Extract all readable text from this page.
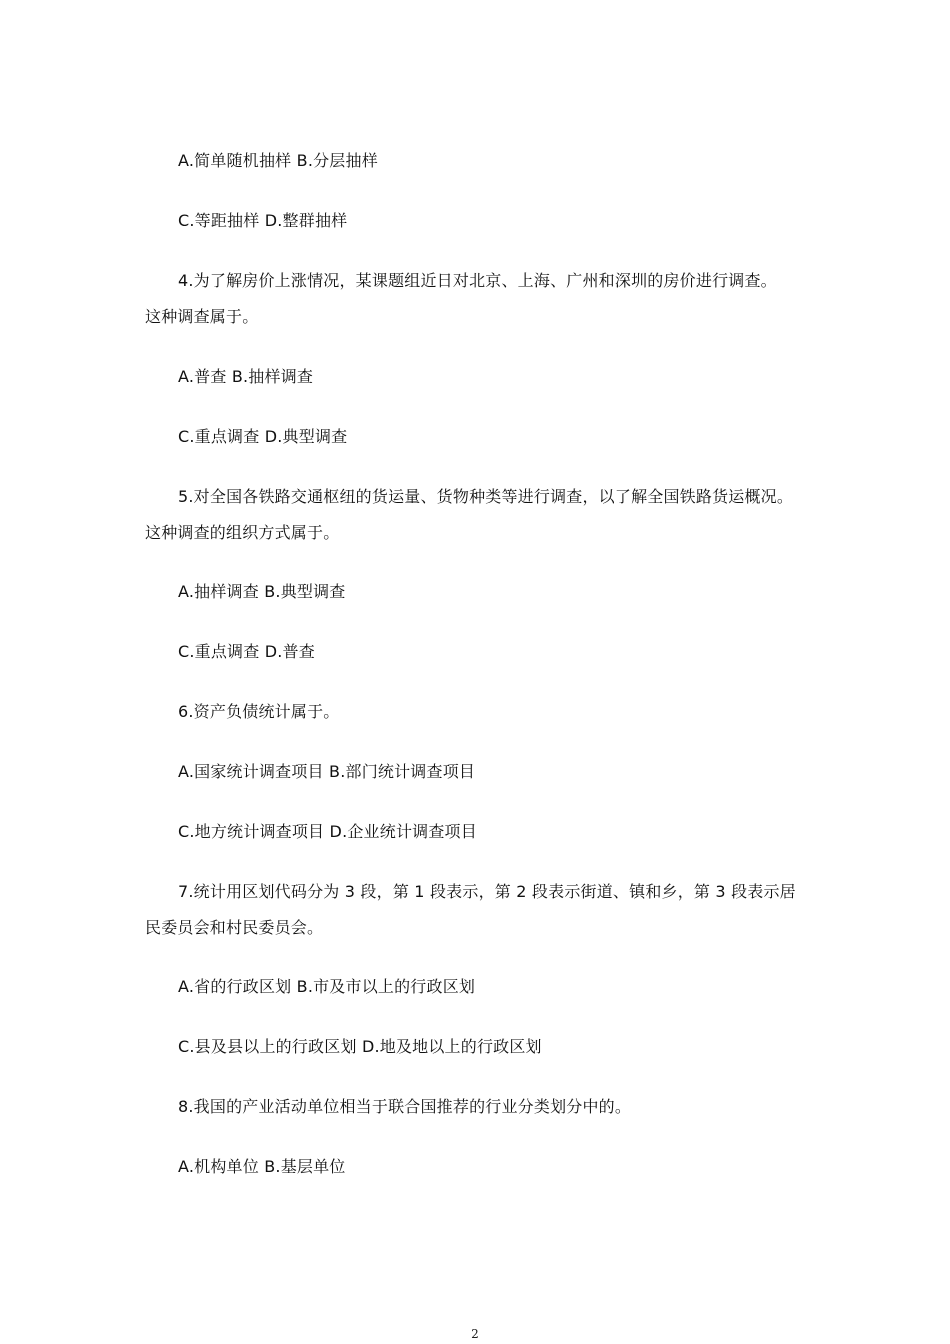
A.简单随机抽样 B.分层抽样
C.等距抽样 D.整群抽样
4.为了解房价上涨情况，某课题组近日对北京、上海、广州和深圳的房价进行调查。
这种调查属于。
A.普查 B.抽样调查
C.重点调查 D.典型调查
5.对全国各铁路交通枢纽的货运量、货物种类等进行调查，以了解全国铁路货运概况。
这种调查的组织方式属于。
A.抽样调查 B.典型调查
C.重点调查 D.普查
6.资产负债统计属于。
A.国家统计调查项目 B.部门统计调查项目
C.地方统计调查项目 D.企业统计调查项目
7.统计用区划代码分为 3 段，第 1 段表示，第 2 段表示街道、镇和乡，第 3 段表示居
民委员会和村民委员会。
A.省的行政区划 B.市及市以上的行政区划
C.县及县以上的行政区划 D.地及地以上的行政区划
8.我国的产业活动单位相当于联合国推荐的行业分类划分中的。
A.机构单位 B.基层单位
2
